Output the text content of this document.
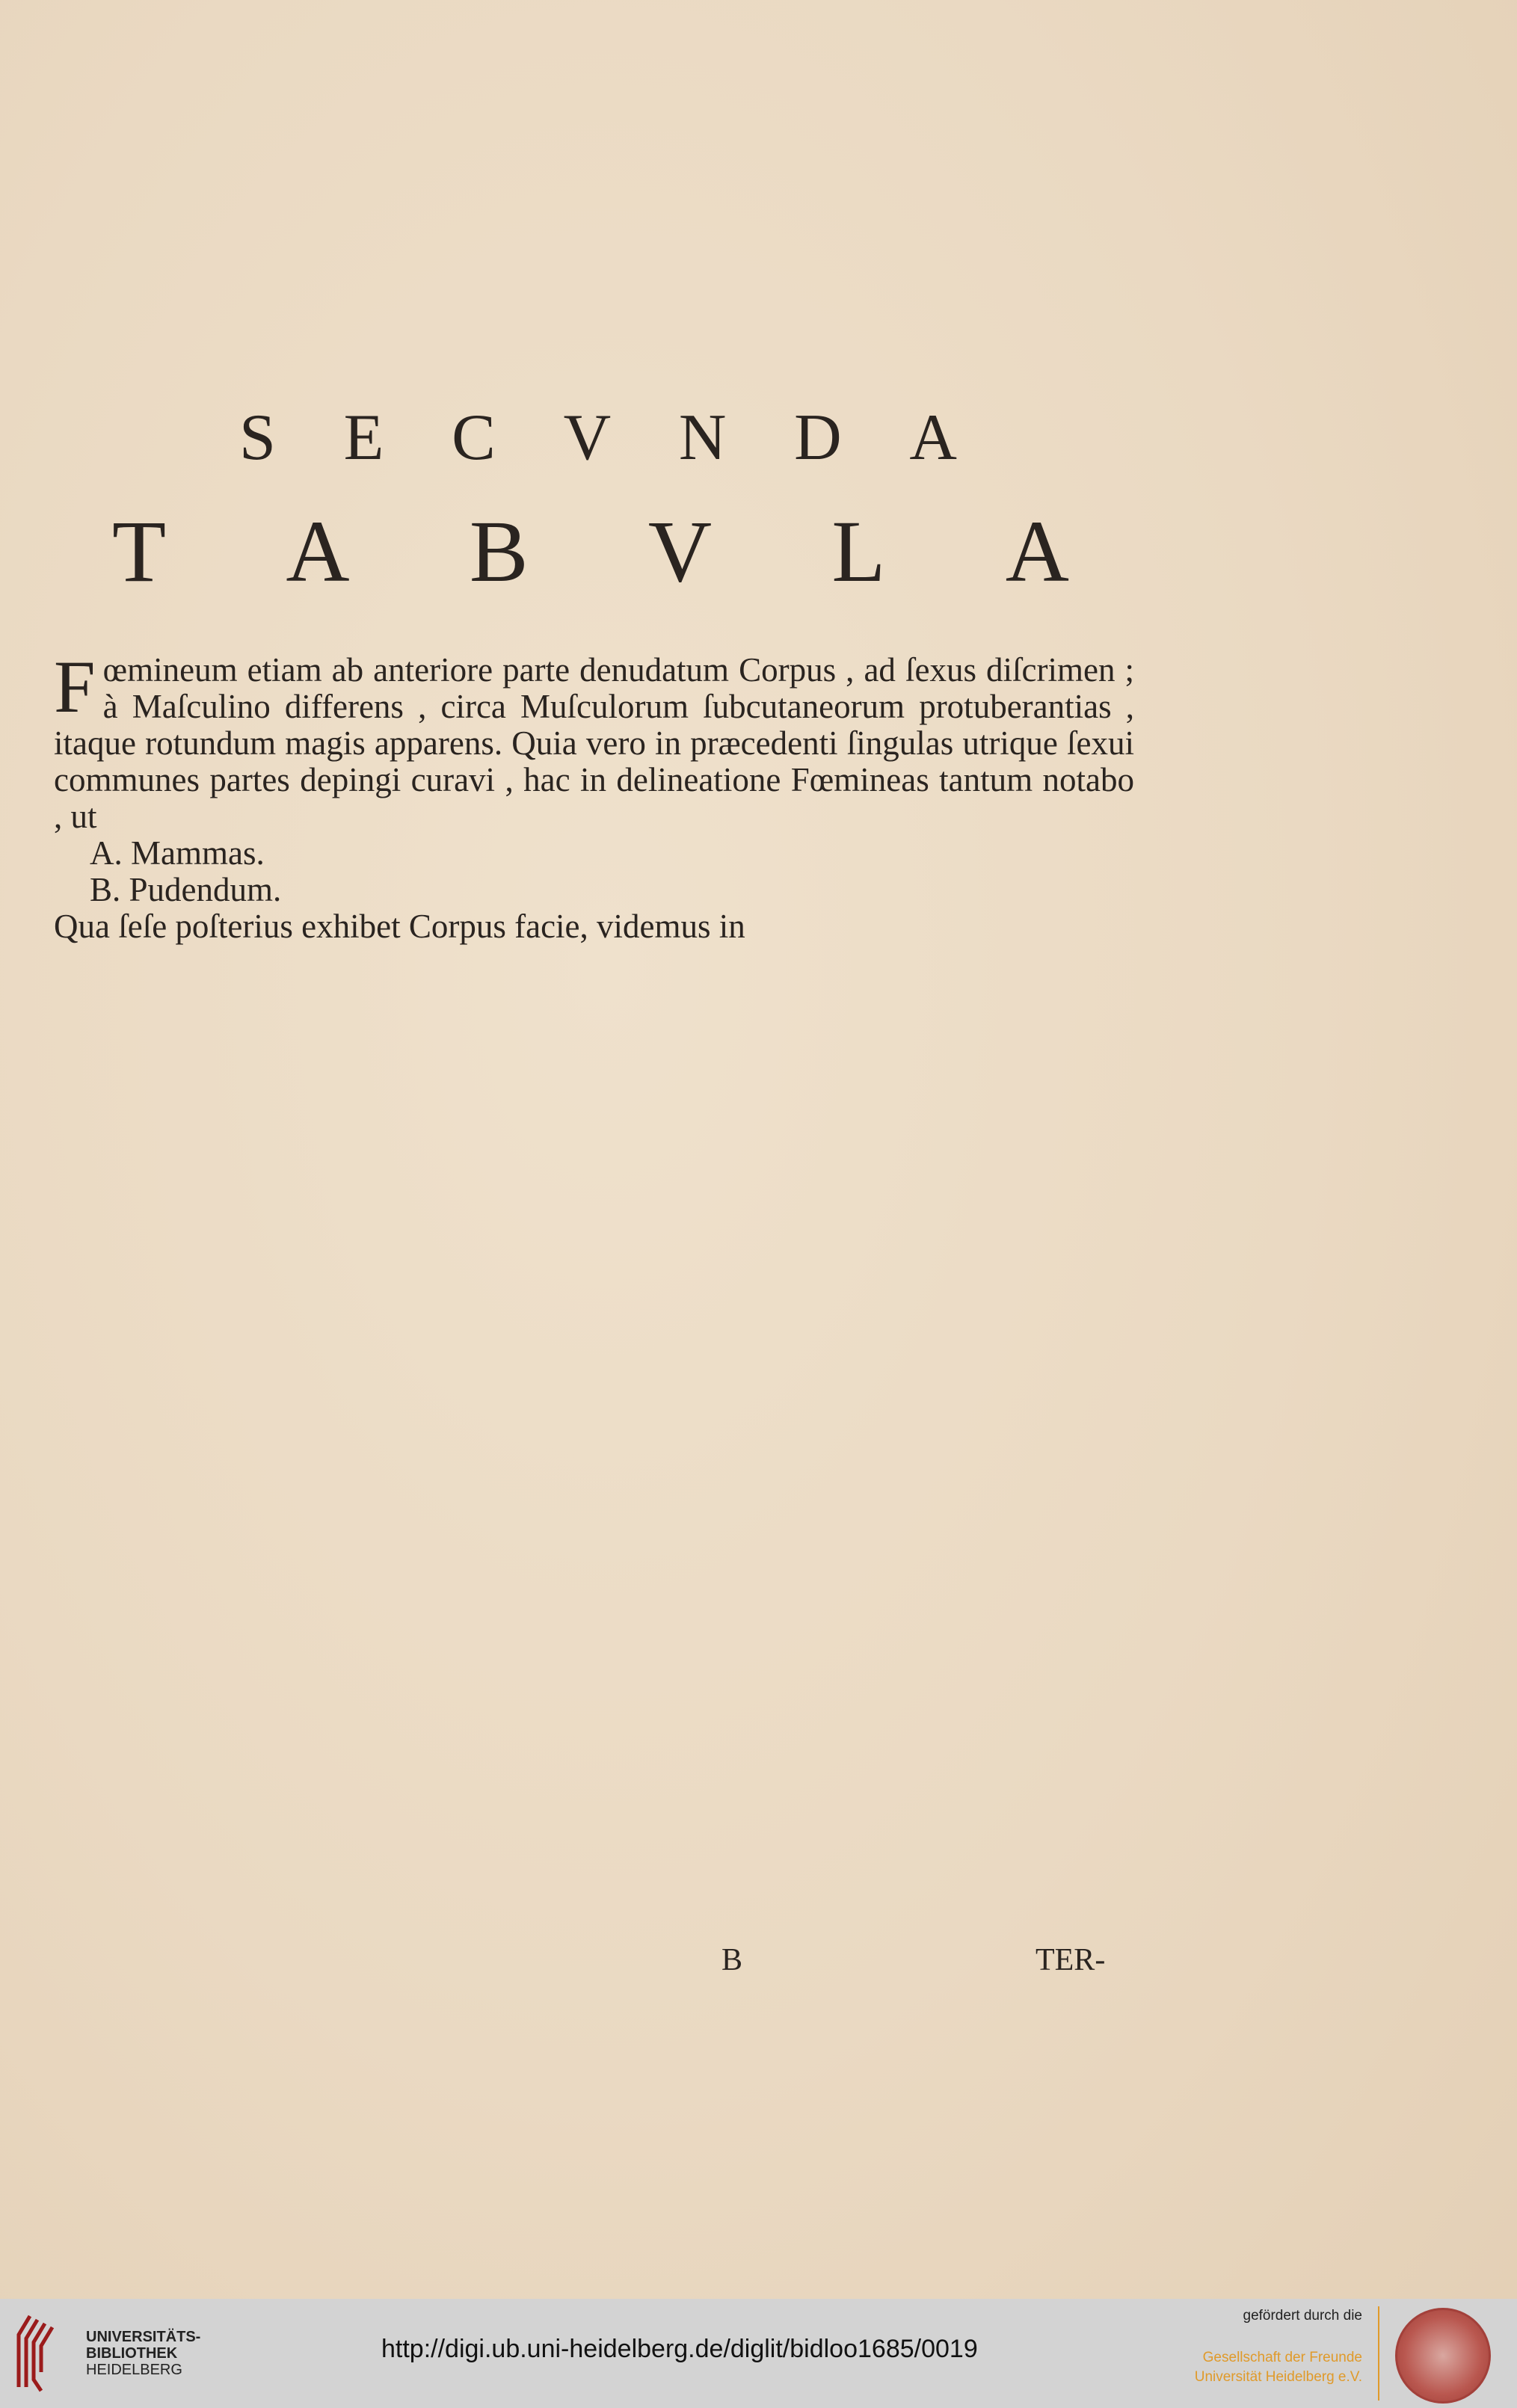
S E C V N D A
T A B V L A

F œmineum etiam ab anteriore parte denudatum Corpus , ad ſexus diſcrimen ; à Maſculino differens , circa Muſculorum ſubcutaneorum protuberantias , itaque rotundum magis apparens. Quia vero in præcedenti ſingulas utrique ſexui communes partes depingi curavi , hac in delineatione Fœmineas tantum notabo , ut

A. Mammas.

B. Pudendum.

Qua ſeſe poſterius exhibet Corpus facie, videmus in

B	TER-
UNIVERSITÄTS-
BIBLIOTHEK
HEIDELBERG
http://digi.ub.uni-heidelberg.de/diglit/bidloo1685/0019
gefördert durch die
Gesellschaft der Freunde
Universität Heidelberg e.V.
